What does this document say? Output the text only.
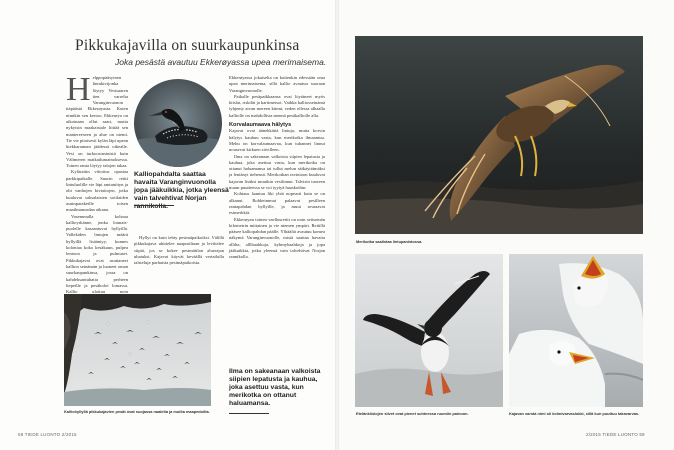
Pikkukajavilla on suurkaupunkinsa
Joka pesästä avautuu Ekkerøyassa upea merimaisema.
Helppopääsyinen lintukivijonka löytyy Vesisaaren tien varrelta Varanginvuonon itäpäästä Ekkerøyasta. Kuten nimikin sen kertoo, Ekkerøya on aikoinaan ollut saari, mutta nykyisin maakaistale liittää sen mantereeseen ja alue on niemi. Tie vie pitoisesti kylän läpi upean hiekkarannan jäädessä oikealle. Vesi on turkoosinsinistä kuin Välimeren matkailumainoksessa. Toinen ranta löytyy talojen takaa.
Kyläraitin viitoitus opastaa parkkipaikalle. Suurin reitti lintuluolille vie läpi rantaniityn ja ohi vanhojen kiviaitojen, jotka kuuluvat saksalaisten sotilaiden asuinparakeille toisen maailmansodan aikana.
Vasemmalla kohoaa kallioyrkänne, jonka lounais-puolelle kasaantuvat hyllyillä. Vallekiden lintujen määrä hyllyillä lisääntyy, kunnes koloniaa koko kesäkuun, pulpea lentoon ja pulmuset. Pikkukajavat ovat asuttaneet kallion seinämän ja luoneet oman suurkaupunkinsa, jossa on kahdeksantuhatta perheen liepeille ja pesäkolot lomassa. Kallio ulottuu noin
Kalliopahdalta saattaa havaita Varanginvuonolla jopa jääkuikkia, jotka yleensä vain talvehtivat Norjan rannikolla.
Hyllyt on kuin tehty pesimäpaikoiksi. Välillä pikkukajava uhittelee naapuriltaan ja levittelee siipiä, jos se kokee pesimätilan aluerajan uhatuksi. Kajavat käyvät keväällä vertailulla talsteluja parhaista pesimäpaikoista.
Kalliohyllyllä pikkukajavien pesät ovat suojassa naalelta ja muilta maapedoilta.
58 TIEDE LUONTO 2/2015
Ekkerøyassa jokaiselta on kuitenkin edessään oma upea merimaisema, sillä kallio avautuu suoraan Varanginvuonolle.
Paikalle pesäpaikkaansa ovat löytäneet myös kiislat, riskilät ja kartimetsot. Vaikka kalliosseinämä tyhjenty aivan mereen kiinni, veden ollessa alhaalla kalliolle on mahdollista mennä pesäkalliolle alla.
Korvalaumaava hälytys
Kajavat ovat äänekkäitä lintuja, mutta korvin hälytys kauhuu vasta, kun merikotka ilmaantuu. Mehu on korvalaumaavaa, kun tuhannet linnut nousevat kirkuen siivilleen.
Ilma on sakeanaan valkoista siipien lepatusta ja kauhua, joka asettuu vasta, kun merikotka on ottanut haluamansa tai tullut melun säikäyttämäksi ja lentänyt tiehensä. Merikotkan ravintoon kuuluvat kajavan lisäksi muutkin vesilinnut. Talvisin tuoreen muun puutteessa se voi tyytyä haaskoihin.
Kohtaus laantuu liki yhtä nopeasti kuin se on alkanut. Rohkeimmat palaavat pesilleen rantapahdan hyllyille, ja muut seuraavat esimerkkiä.
Ekkerøyan toinen vaellusreitti on noin seitsemän kilometrin mittainen ja vie niemen ympäri. Reitillä pääsee kalliopahdan päälle. Ylhäältä avautuu komea näkymä Varanginvuonolle, mistä saattaa havaita allilta, alllhaahkoja, kyhmyhaahkoja ja jopa jääkuikkia, jotka yleensä vain talvehtivat Norjan rannikolla.
Ilma on sakeanaan valkoista siipien lepatusta ja kauhua, joka asettuu vasta, kun merikotka on ottanut haluamansa.
Merikotka saalistaa lintupanistossa.
Etelänkiislojen siivet ovat pienet suhteessa ruumiin painoon.	Kajavan varsta nimi oli kolmivarvaslokki, sillä kun puuttuu takavarvas.
2/2015 TIEDE LUONTO 59
